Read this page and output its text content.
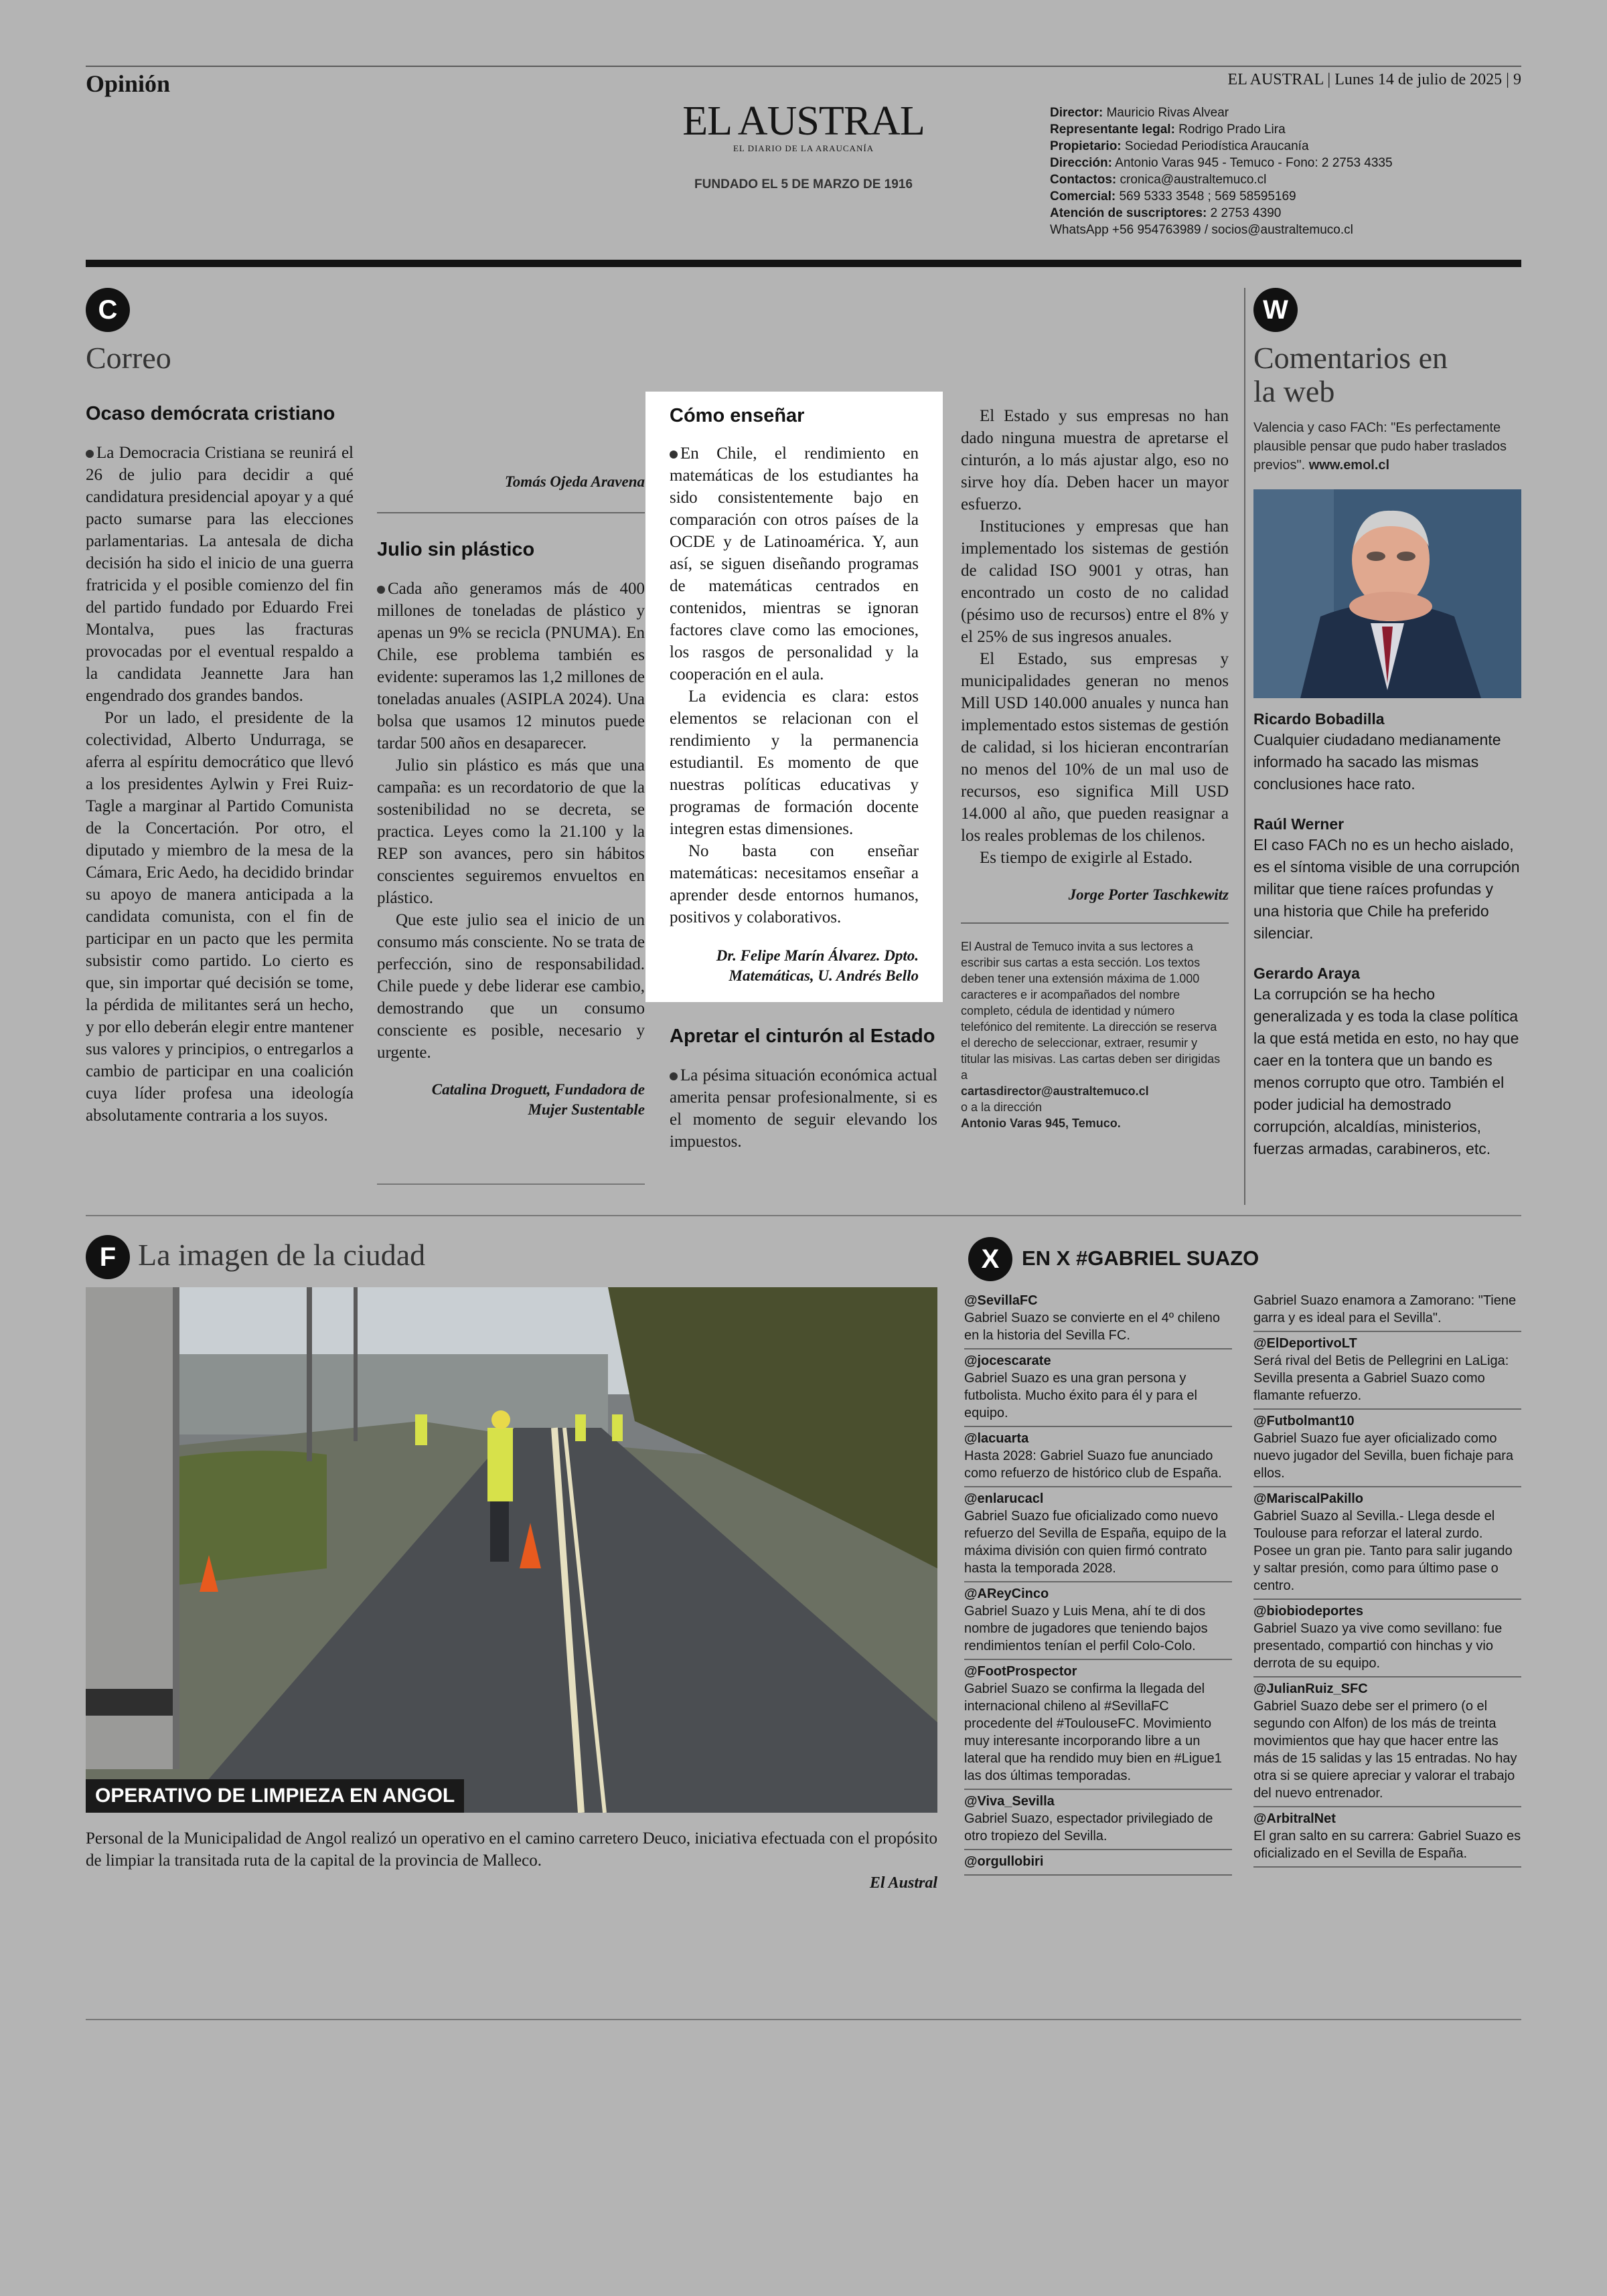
Opinión	EL AUSTRAL | Lunes 14 de julio de 2025 | 9
EL AUSTRAL
EL DIARIO DE LA ARAUCANÍA
FUNDADO EL 5 DE MARZO DE 1916

Director: Mauricio Rivas Alvear

Representante legal: Rodrigo Prado Lira

Propietario: Sociedad Periodística Araucanía

Dirección: Antonio Varas 945 - Temuco - Fono: 2 2753 4335

Contactos: cronica@australtemuco.cl

Comercial: 569 5333 3548 ; 569 58595169

Atención de suscriptores: 2 2753 4390

WhatsApp +56 954763989 / socios@australtemuco.cl

C
Correo
Ocaso demócrata cristiano

La Democracia Cristiana se reunirá el 26 de julio para decidir a qué candidatura presidencial apoyar y a qué pacto sumarse para las elecciones parlamentarias. La antesala de dicha decisión ha sido el inicio de una guerra fratricida y el posible comienzo del fin del partido fundado por Eduardo Frei Montalva, pues las fracturas provocadas por el eventual respaldo a la candidata Jeannette Jara han engendrado dos grandes bandos.

Por un lado, el presidente de la colectividad, Alberto Undurraga, se aferra al espíritu democrático que llevó a los presidentes Aylwin y Frei Ruiz-Tagle a marginar al Partido Comunista de la Concertación. Por otro, el diputado y miembro de la mesa de la Cámara, Eric Aedo, ha decidido brindar su apoyo de manera anticipada a la candidata comunista, con el fin de participar en un pacto que les permita subsistir como partido. Lo cierto es que, sin importar qué decisión se tome, la pérdida de militantes será un hecho, y por ello deberán elegir entre mantener sus valores y principios, o entregarlos a cambio de participar en una coalición cuya líder profesa una ideología absolutamente contraria a los suyos.

Tomás Ojeda Aravena
Julio sin plástico

Cada año generamos más de 400 millones de toneladas de plástico y apenas un 9% se recicla (PNUMA). En Chile, ese problema también es evidente: superamos las 1,2 millones de toneladas anuales (ASIPLA 2024). Una bolsa que usamos 12 minutos puede tardar 500 años en desaparecer.

Julio sin plástico es más que una campaña: es un recordatorio de que la sostenibilidad no se decreta, se practica. Leyes como la 21.100 y la REP son avances, pero sin hábitos conscientes seguiremos envueltos en plástico.

Que este julio sea el inicio de un consumo más consciente. No se trata de perfección, sino de responsabilidad. Chile puede y debe liderar ese cambio, demostrando que un consumo consciente es posible, necesario y urgente.

Catalina Droguett, Fundadora de Mujer Sustentable
Cómo enseñar

En Chile, el rendimiento en matemáticas de los estudiantes ha sido consistentemente bajo en comparación con otros países de la OCDE y de Latinoamérica. Y, aun así, se siguen diseñando programas de matemáticas centrados en contenidos, mientras se ignoran factores clave como las emociones, los rasgos de personalidad y la cooperación en el aula.

La evidencia es clara: estos elementos se relacionan con el rendimiento y la permanencia estudiantil. Es momento de que nuestras políticas educativas y programas de formación docente integren estas dimensiones.

No basta con enseñar matemáticas: necesitamos enseñar a aprender desde entornos humanos, positivos y colaborativos.

Dr. Felipe Marín Álvarez. Dpto. Matemáticas, U. Andrés Bello
Apretar el cinturón al Estado

La pésima situación económica actual amerita pensar profesionalmente, si es el momento de seguir elevando los impuestos.

El Estado y sus empresas no han dado ninguna muestra de apretarse el cinturón, a lo más ajustar algo, eso no sirve hoy día. Deben hacer un mayor esfuerzo.

Instituciones y empresas que han implementado los sistemas de gestión de calidad ISO 9001 y otras, han encontrado un costo de no calidad (pésimo uso de recursos) entre el 8% y el 25% de sus ingresos anuales.

El Estado, sus empresas y municipalidades generan no menos Mill USD 140.000 anuales y nunca han implementado estos sistemas de gestión de calidad, si los hicieran encontrarían no menos del 10% de un mal uso de recursos, eso significa Mill USD 14.000 al año, que pueden reasignar a los reales problemas de los chilenos.

Es tiempo de exigirle al Estado.

Jorge Porter Taschkewitz
El Austral de Temuco invita a sus lectores a escribir sus cartas a esta sección. Los textos deben tener una extensión máxima de 1.000 caracteres e ir acompañados del nombre completo, cédula de identidad y número telefónico del remitente. La dirección se reserva el derecho de seleccionar, extraer, resumir y titular las misivas. Las cartas deben ser dirigidas a
cartasdirector@australtemuco.cl
o a la dirección
Antonio Varas 945, Temuco.
W
Comentarios en la web
Valencia y caso FACh: "Es perfectamente plausible pensar que pudo haber traslados previos". www.emol.cl
Ricardo Bobadilla
Cualquier ciudadano medianamente informado ha sacado las mismas conclusiones hace rato.
Raúl Werner
El caso FACh no es un hecho aislado, es el síntoma visible de una corrupción militar que tiene raíces profundas y una historia que Chile ha preferido silenciar.
Gerardo Araya
La corrupción se ha hecho generalizada y es toda la clase política la que está metida en esto, no hay que caer en la tontera que un bando es menos corrupto que otro. También el poder judicial ha demostrado corrupción, alcaldías, ministerios, fuerzas armadas, carabineros, etc.
F La imagen de la ciudad
OPERATIVO DE LIMPIEZA EN ANGOL
Personal de la Municipalidad de Angol realizó un operativo en el camino carretero Deuco, iniciativa efectuada con el propósito de limpiar la transitada ruta de la capital de la provincia de Malleco.
El Austral
X	EN X #GABRIEL SUAZO
@SevillaFC
Gabriel Suazo se convierte en el 4º chileno en la historia del Sevilla FC.
@jocescarate
Gabriel Suazo es una gran persona y futbolista. Mucho éxito para él y para el equipo.
@lacuarta
Hasta 2028: Gabriel Suazo fue anunciado como refuerzo de histórico club de España.
@enlarucacl
Gabriel Suazo fue oficializado como nuevo refuerzo del Sevilla de España, equipo de la máxima división con quien firmó contrato hasta la temporada 2028.
@AReyCinco
Gabriel Suazo y Luis Mena, ahí te di dos nombre de jugadores que teniendo bajos rendimientos tenían el perfil Colo-Colo.
@FootProspector
Gabriel Suazo se confirma la llegada del internacional chileno al #SevillaFC procedente del #ToulouseFC. Movimiento muy interesante incorporando libre a un lateral que ha rendido muy bien en #Ligue1 las dos últimas temporadas.
@Viva_Sevilla
Gabriel Suazo, espectador privilegiado de otro tropiezo del Sevilla.
@orgullobiri
Gabriel Suazo enamora a Zamorano: "Tiene garra y es ideal para el Sevilla".
@ElDeportivoLT
Será rival del Betis de Pellegrini en LaLiga: Sevilla presenta a Gabriel Suazo como flamante refuerzo.
@Futbolmant10
Gabriel Suazo fue ayer oficializado como nuevo jugador del Sevilla, buen fichaje para ellos.
@MariscalPakillo
Gabriel Suazo al Sevilla.- Llega desde el Toulouse para reforzar el lateral zurdo. Posee un gran pie. Tanto para salir jugando y saltar presión, como para último pase o centro.
@biobiodeportes
Gabriel Suazo ya vive como sevillano: fue presentado, compartió con hinchas y vio derrota de su equipo.
@JulianRuiz_SFC
Gabriel Suazo debe ser el primero (o el segundo con Alfon) de los más de treinta movimientos que hay que hacer entre las más de 15 salidas y las 15 entradas. No hay otra si se quiere apreciar y valorar el trabajo del nuevo entrenador.
@ArbitralNet
El gran salto en su carrera: Gabriel Suazo es oficializado en el Sevilla de España.
